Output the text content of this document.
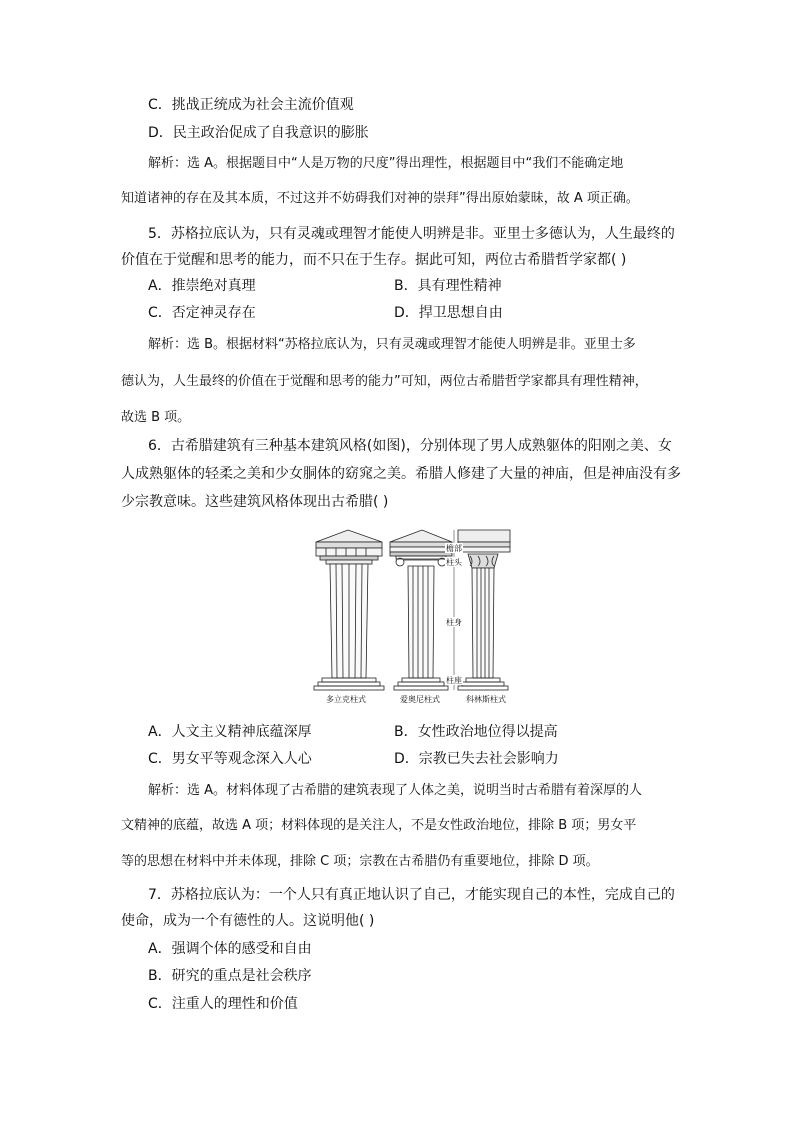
C．挑战正统成为社会主流价值观
D．民主政治促成了自我意识的膨胀
解析：选 A。根据题目中“人是万物的尺度”得出理性，根据题目中“我们不能确定地
知道诸神的存在及其本质，不过这并不妨碍我们对神的崇拜”得出原始蒙昧，故 A 项正确。
5．苏格拉底认为，只有灵魂或理智才能使人明辨是非。亚里士多德认为，人生最终的
价值在于觉醒和思考的能力，而不只在于生存。据此可知，两位古希腊哲学家都( )
A．推崇绝对真理	B．具有理性精神
C．否定神灵存在	D．捍卫思想自由
解析：选 B。根据材料“苏格拉底认为，只有灵魂或理智才能使人明辨是非。亚里士多
德认为，人生最终的价值在于觉醒和思考的能力”可知，两位古希腊哲学家都具有理性精神，
故选 B 项。
6．古希腊建筑有三种基本建筑风格(如图)，分别体现了男人成熟躯体的阳刚之美、女
人成熟躯体的轻柔之美和少女胴体的窈窕之美。希腊人修建了大量的神庙，但是神庙没有多
少宗教意味。这些建筑风格体现出古希腊( )
檐部
柱头
柱身
柱座
多立克柱式	爱奥尼柱式	科林斯柱式
A．人文主义精神底蕴深厚	B．女性政治地位得以提高
C．男女平等观念深入人心	D．宗教已失去社会影响力
解析：选 A。材料体现了古希腊的建筑表现了人体之美，说明当时古希腊有着深厚的人
文精神的底蕴，故选 A 项；材料体现的是关注人，不是女性政治地位，排除 B 项；男女平
等的思想在材料中并未体现，排除 C 项；宗教在古希腊仍有重要地位，排除 D 项。
7．苏格拉底认为：一个人只有真正地认识了自己，才能实现自己的本性，完成自己的
使命，成为一个有德性的人。这说明他( )
A．强调个体的感受和自由
B．研究的重点是社会秩序
C．注重人的理性和价值
